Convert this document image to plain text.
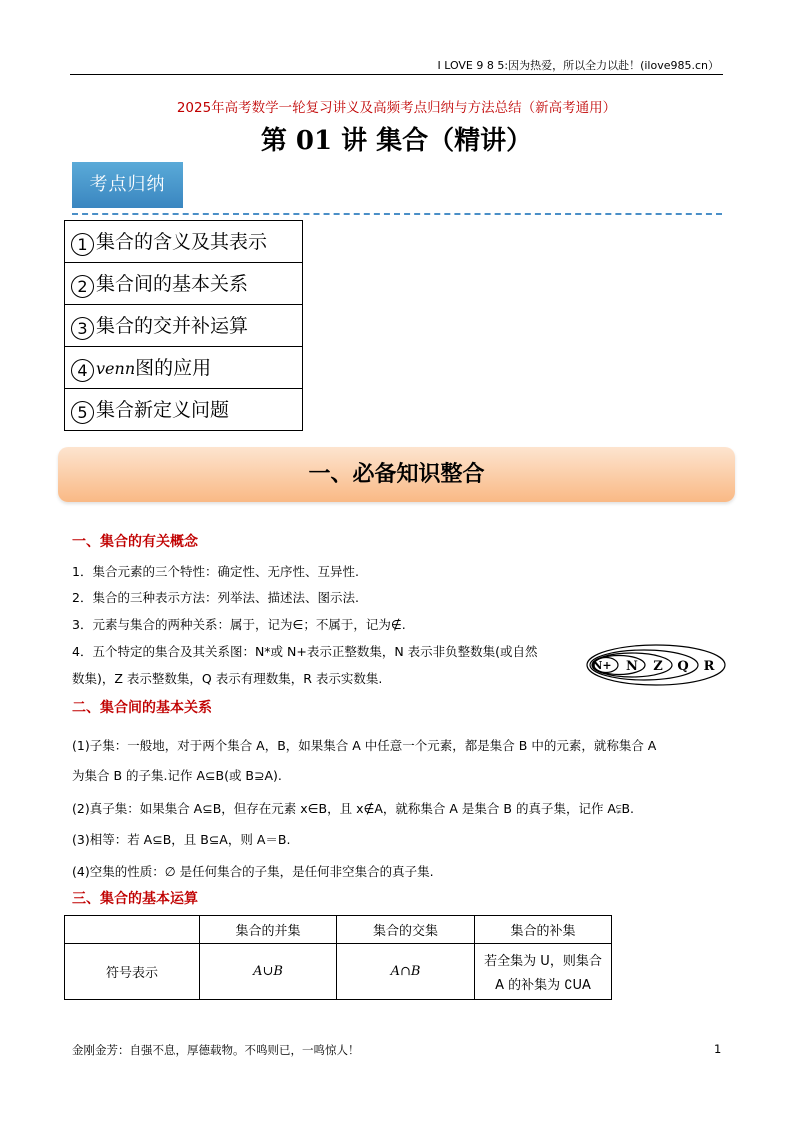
I LOVE 9 8 5:因为热爱，所以全力以赴！(ilove985.cn）
2025年高考数学一轮复习讲义及高频考点归纳与方法总结（新高考通用）
第 01 讲 集合（精讲）
考点归纳
1 集合的含义及其表示
2 集合间的基本关系
3 集合的交并补运算
4 venn图的应用
5 集合新定义问题
一、必备知识整合
一、集合的有关概念
1．集合元素的三个特性：确定性、无序性、互异性.
2．集合的三种表示方法：列举法、描述法、图示法.
3．元素与集合的两种关系：属于，记为∈；不属于，记为∉.
4．五个特定的集合及其关系图：N*或 N+表示正整数集，N 表示非负整数集(或自然
数集)，Z 表示整数集，Q 表示有理数集，R 表示实数集.
N+ N Z Q R
二、集合间的基本关系
(1)子集：一般地，对于两个集合 A，B，如果集合 A 中任意一个元素，都是集合 B 中的元素，就称集合 A
为集合 B 的子集.记作 A⊆B(或 B⊇A).
(2)真子集：如果集合 A⊆B，但存在元素 x∈B，且 x∉A，就称集合 A 是集合 B 的真子集，记作 A⫋B.
(3)相等：若 A⊆B，且 B⊆A，则 A＝B.
(4)空集的性质：∅ 是任何集合的子集，是任何非空集合的真子集.
三、集合的基本运算
	集合的并集	集合的交集	集合的补集
符号表示	A∪B	A∩B	若全集为 U，则集合
A 的补集为 ∁UA
金刚金芳：自强不息，厚德载物。不鸣则已，一鸣惊人！	1
